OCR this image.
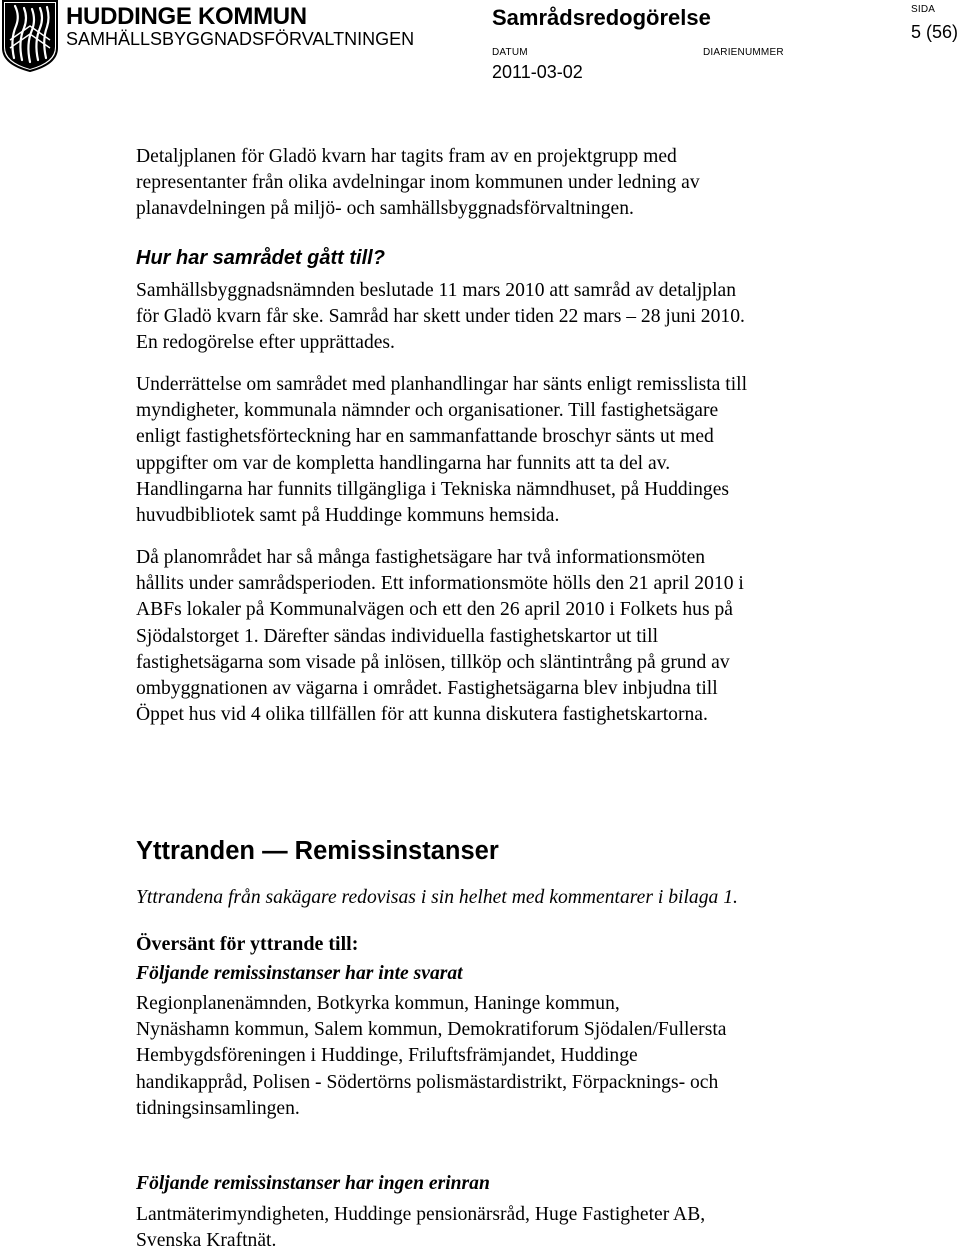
HUDDINGE KOMMUN
SAMHÄLLSBYGGNADSFÖRVALTNINGEN
Samrådsredogörelse
DATUM
2011-03-02
DIARIENUMMER
SIDA
5 (56)

Detaljplanen för Gladö kvarn har tagits fram av en projektgrupp med
representanter från olika avdelningar inom kommunen under ledning av
planavdelningen på miljö- och samhällsbyggnadsförvaltningen.

Hur har samrådet gått till?

Samhällsbyggnadsnämnden beslutade 11 mars 2010 att samråd av detaljplan
för Gladö kvarn får ske. Samråd har skett under tiden 22 mars – 28 juni 2010.
En redogörelse efter upprättades.

Underrättelse om samrådet med planhandlingar har sänts enligt remisslista till
myndigheter, kommunala nämnder och organisationer. Till fastighetsägare
enligt fastighetsförteckning har en sammanfattande broschyr sänts ut med
uppgifter om var de kompletta handlingarna har funnits att ta del av.
Handlingarna har funnits tillgängliga i Tekniska nämndhuset, på Huddinges
huvudbibliotek samt på Huddinge kommuns hemsida.

Då planområdet har så många fastighetsägare har två informationsmöten
hållits under samrådsperioden. Ett informationsmöte hölls den 21 april 2010 i
ABFs lokaler på Kommunalvägen och ett den 26 april 2010 i Folkets hus på
Sjödalstorget 1. Därefter sändas individuella fastighetskartor ut till
fastighetsägarna som visade på inlösen, tillköp och släntintrång på grund av
ombyggnationen av vägarna i området. Fastighetsägarna blev inbjudna till
Öppet hus vid 4 olika tillfällen för att kunna diskutera fastighetskartorna.

Yttranden — Remissinstanser

Yttrandena från sakägare redovisas i sin helhet med kommentarer i bilaga 1.

Översänt för yttrande till:
Följande remissinstanser har inte svarat

Regionplanenämnden, Botkyrka kommun, Haninge kommun,
Nynäshamn kommun, Salem kommun, Demokratiforum Sjödalen/Fullersta
Hembygdsföreningen i Huddinge, Friluftsfrämjandet, Huddinge
handikappråd, Polisen - Södertörns polismästardistrikt, Förpacknings- och
tidningsinsamlingen.

Följande remissinstanser har ingen erinran

Lantmäterimyndigheten, Huddinge pensionärsråd, Huge Fastigheter AB,
Svenska Kraftnät.
